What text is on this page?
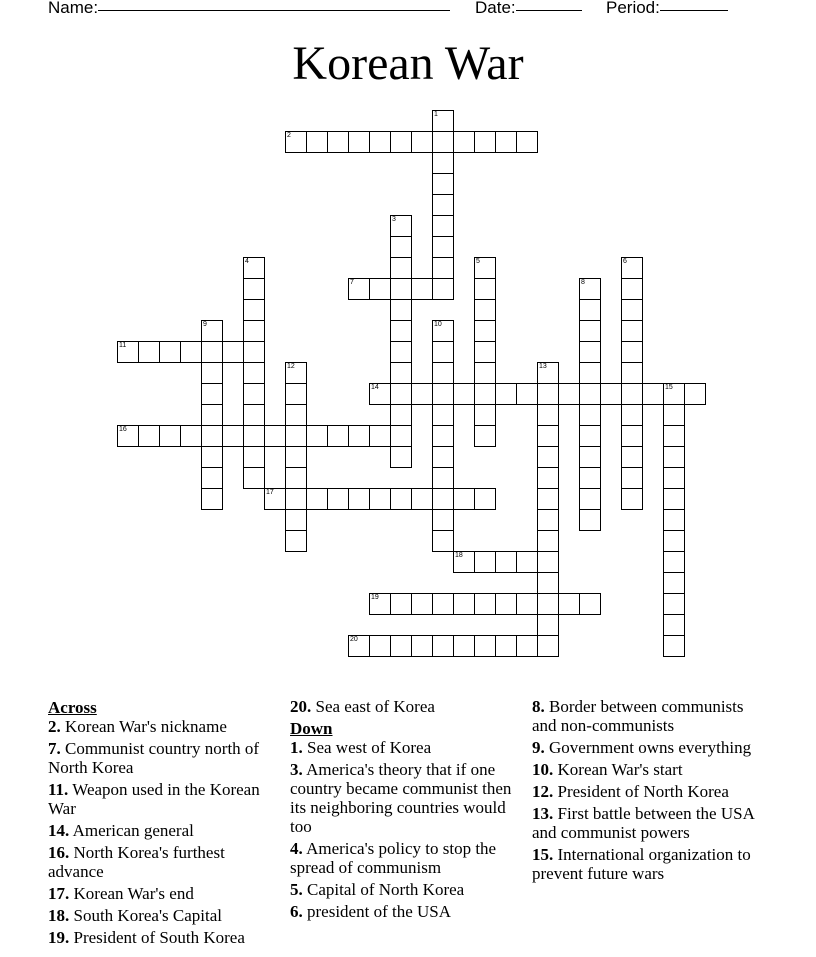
Name:	Date:	Period:
Korean War
1
2
3
4	5	6
7	8
9	10
11
12	13
14	15
16
17
18
19
20
Across
2. Korean War's nickname
7. Communist country north of North Korea
11. Weapon used in the Korean War
14. American general
16. North Korea's furthest advance
17. Korean War's end
18. South Korea's Capital
19. President of South Korea
20. Sea east of Korea
Down
1. Sea west of Korea
3. America's theory that if one country became communist then its neighboring countries would too
4. America's policy to stop the spread of communism
5. Capital of North Korea
6. president of the USA
8. Border between communists and non-communists
9. Government owns everything
10. Korean War's start
12. President of North Korea
13. First battle between the USA and communist powers
15. International organization to prevent future wars
